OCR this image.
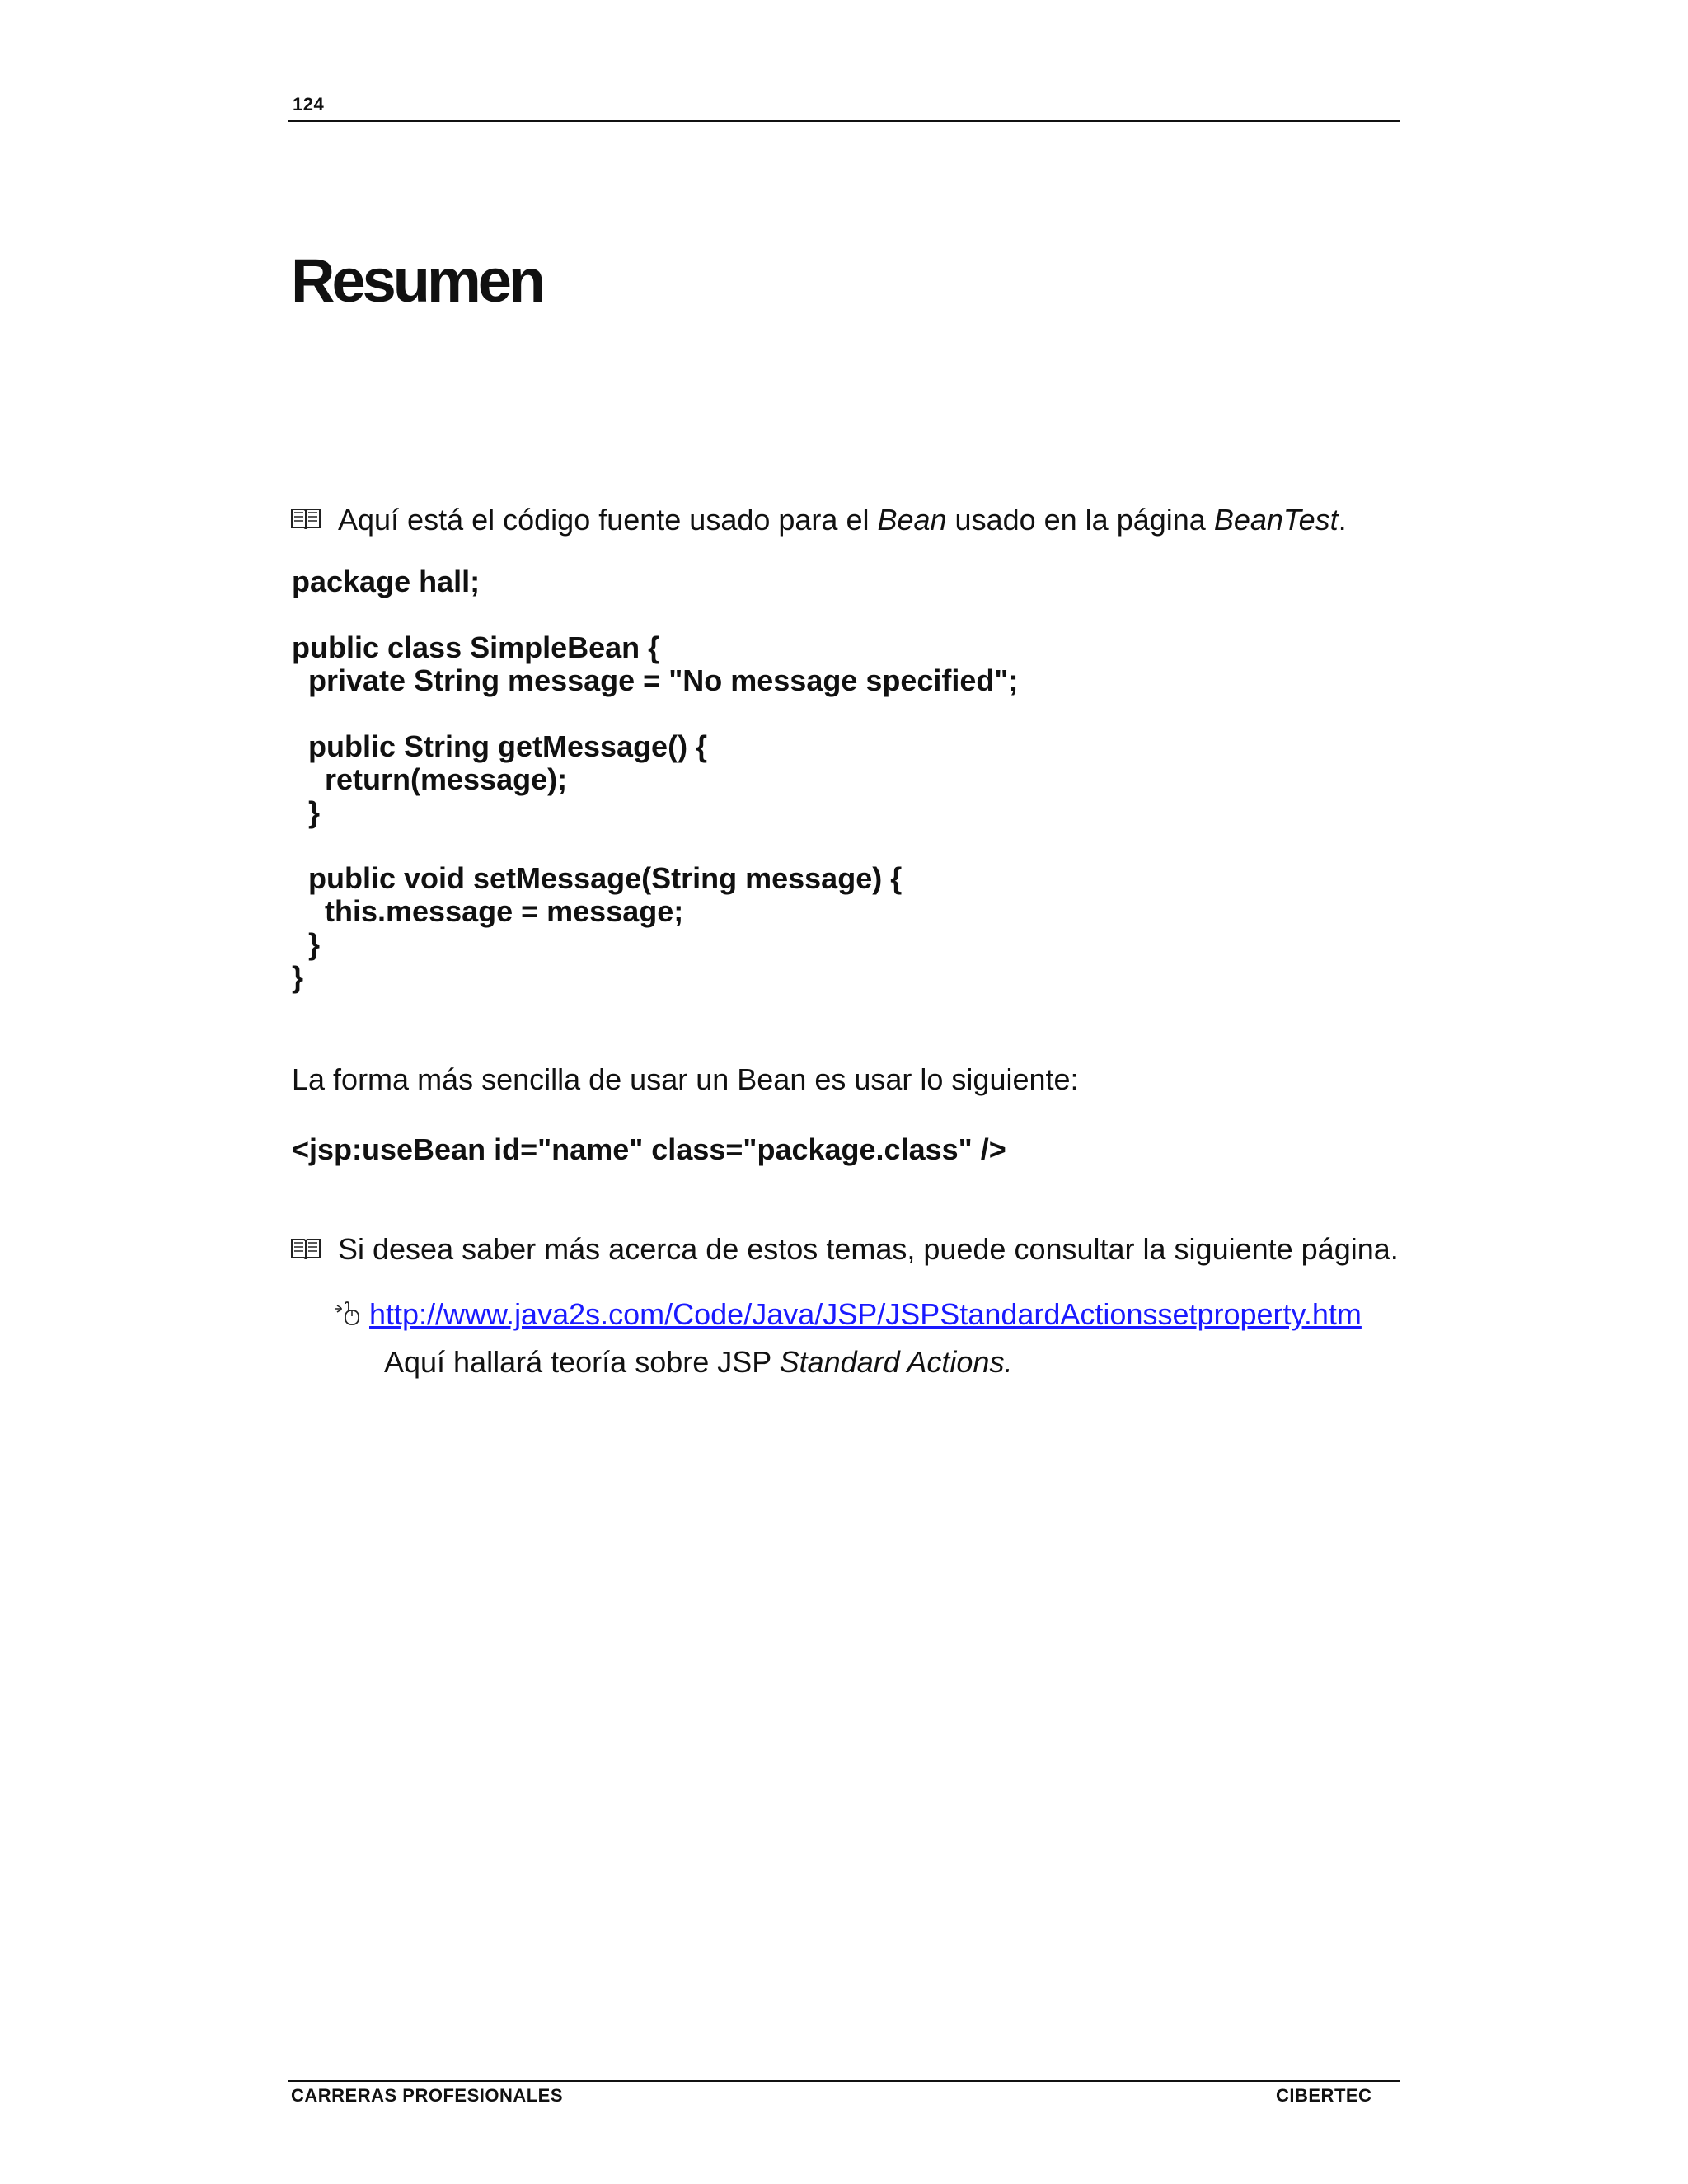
124
Resumen
Aquí está el código fuente usado para el Bean usado en la página BeanTest.
package hall;
public class SimpleBean {
private String message = "No message specified";
public String getMessage() {
return(message);
}
public void setMessage(String message) {
this.message = message;
}
}
La forma más sencilla de usar un Bean es usar lo siguiente:
<jsp:useBean id="name" class="package.class" />
Si desea saber más acerca de estos temas, puede consultar la siguiente página.
http://www.java2s.com/Code/Java/JSP/JSPStandardActionssetproperty.htm
Aquí hallará teoría sobre JSP Standard Actions.
CARRERAS PROFESIONALES	CIBERTEC
